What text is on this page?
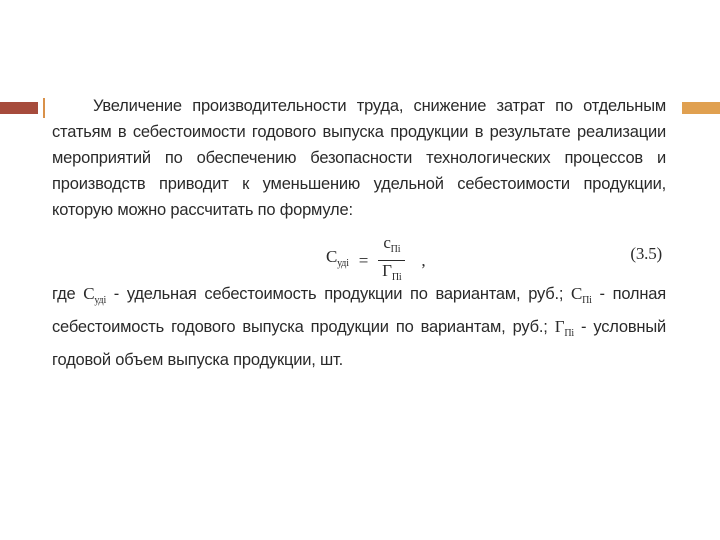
Увеличение производительности труда, снижение затрат по отдельным статьям в себестоимости годового выпуска продукции в результате реализации мероприятий по обеспечению безопасности технологических процессов и производств приводит к уменьшению удельной себестоимости продукции, которую можно рассчитать по формуле:

$С_{удi} = \frac{с_{Пi}}{Г_{Пi}}$ ,	(3.5)

где $С_{удi}$ - удельная себестоимость продукции по вариантам, руб.; $С_{Пi}$ - полная себестоимость годового выпуска продукции по вариантам, руб.; $Г_{Пi}$ - условный годовой объем выпуска продукции, шт.
